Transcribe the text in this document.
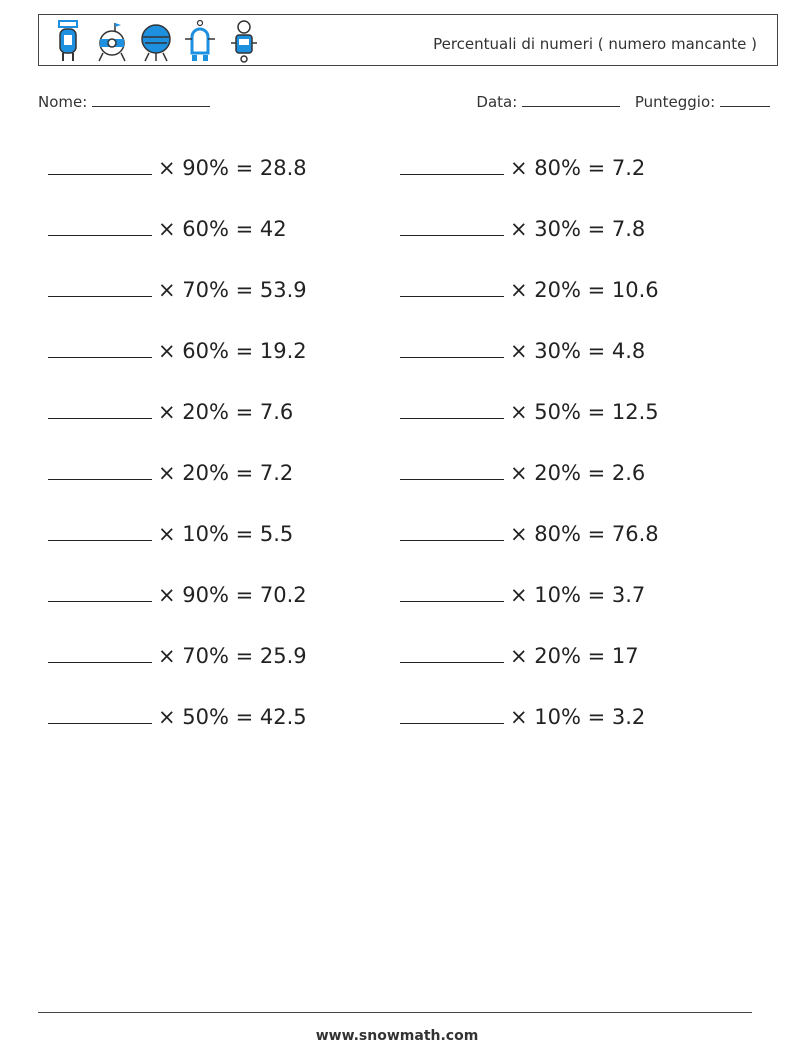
Percentuali di numeri ( numero mancante )
Nome:	Data:	Punteggio:
× 90% = 28.8	× 80% = 7.2
× 60% = 42	× 30% = 7.8
× 70% = 53.9	× 20% = 10.6
× 60% = 19.2	× 30% = 4.8
× 20% = 7.6	× 50% = 12.5
× 20% = 7.2	× 20% = 2.6
× 10% = 5.5	× 80% = 76.8
× 90% = 70.2	× 10% = 3.7
× 70% = 25.9	× 20% = 17
× 50% = 42.5	× 10% = 3.2
www.snowmath.com
